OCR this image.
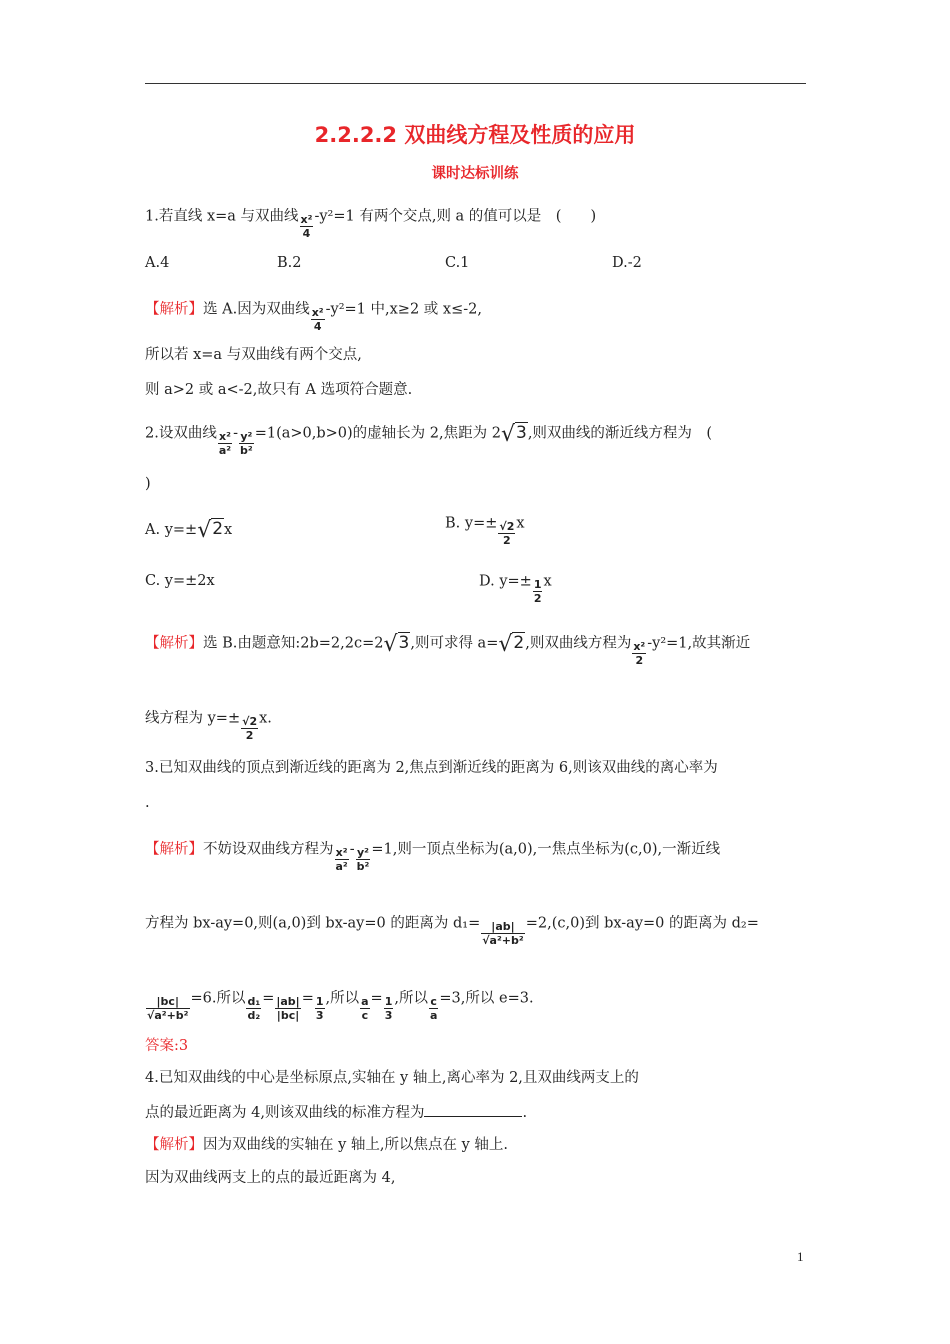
2.2.2.2 双曲线方程及性质的应用
课时达标训练
1.若直线 x=a 与双曲线 $\frac{\text{x²}}{4} -y^2=1$ 有两个交点,则 a 的值可以是　(　　)
A.4	B.2	C.1	D.-2
【解析】选 A.因为双曲线 $\frac{\text{x²}}{4} -y^2=1$ 中,x≥2 或 x≤-2,
所以若 x=a 与双曲线有两个交点,
则 a>2 或 a<-2,故只有 A 选项符合题意.
2.设双曲线 $\frac{\text{x²}}{\text{a²}} - \frac{\text{y²}}{\text{b²}} =1(a>0,b>0)$的虚轴长为 2,焦距为 2√3,则双曲线的渐近线方程为　(
)
A. y=±√2x	B. $y=\pm \frac{√2}{2}$ x
C. y=±2x	D. $y=\pm \frac{1}{2}$ x
【解析】选 B.由题意知:2b=2,2c=2√3,则可求得 a=√2,则双曲线方程为 $\frac{\text{x²}}{2} -y^2=1$,故其渐近
线方程为 $y=\pm \frac{√2}{2} x$.
3.已知双曲线的顶点到渐近线的距离为 2,焦点到渐近线的距离为 6,则该双曲线的离心率为
.
【解析】不妨设双曲线方程为 $\frac{\text{x²}}{\text{a²}} - \frac{\text{y²}}{\text{b²}} =1$,则一顶点坐标为(a,0),一焦点坐标为(c,0),一渐近线
方程为 bx-ay=0,则(a,0)到 bx-ay=0 的距离为 $d_1= \frac{|ab|}{\text{√a²+b²}} =2,(c,0)$到 bx-ay=0 的距离为 d₂=
$\frac{|bc|}{\text{√a²+b²}} =6$.所以 $\frac{\text{d₁}}{\text{d₂}} = \frac{|ab|}{|bc|} = \frac{1}{3}$ ,所以 $\frac{a}{c} = \frac{1}{3}$ ,所以 $\frac{c}{a} =3$,所以 e=3.
答案:3
4.已知双曲线的中心是坐标原点,实轴在 y 轴上,离心率为 2,且双曲线两支上的
点的最近距离为 4,则该双曲线的标准方程为	.
【解析】因为双曲线的实轴在 y 轴上,所以焦点在 y 轴上.
因为双曲线两支上的点的最近距离为 4,
1
